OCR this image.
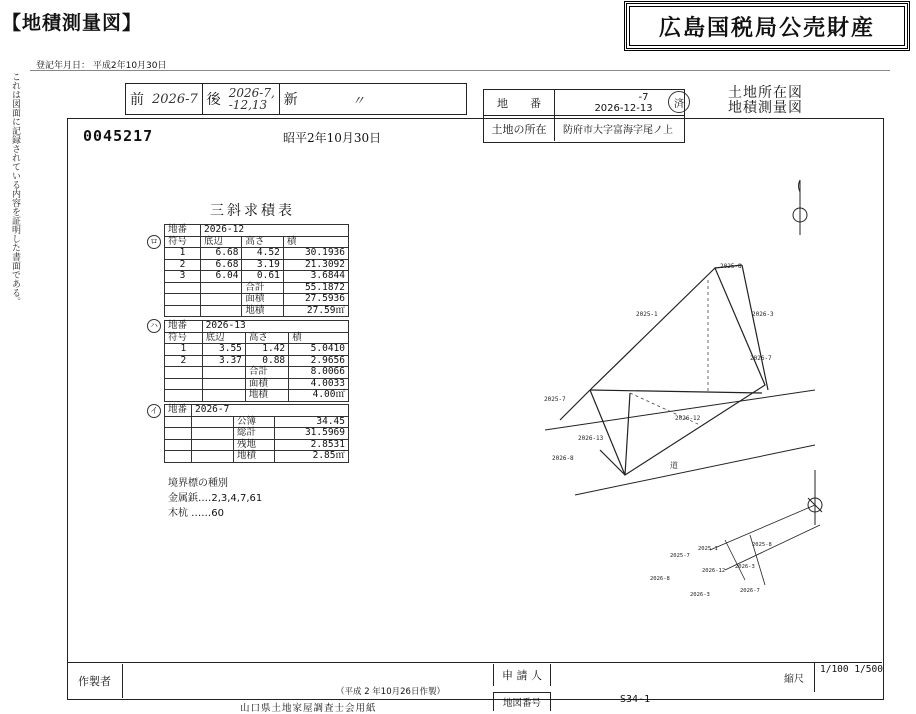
【地積測量図】	広島国税局公売財産
登記年月日： 平成2年10月30日
これは図面に記録されている内容を証明した書面である。	前 2026-7 後 2026-7,
-12,13	新	〃	地　　番	-7
2026-12-13
土地の所在	防府市大字富海字尾ノ上
済
土地所在図
地積測量図
0045217	昭平2年10月30日
三斜求積表
ロ
地番	2026-12		
符号	底辺	高さ	積
1	6.68	4.52	30.1936
2	6.68	3.19	21.3092
3	6.04	0.61	3.6844
		合計	55.1872
		面積	27.5936
		地積	27.59㎡
ハ	地番	2026-13		
符号	底辺	高さ	積
1	3.55	1.42	5.0410
2	3.37	0.88	2.9656
		合計	8.0066
		面積	4.0033
		地積	4.00㎡
イ	地番	2026-7		
		公簿	34.45
		総計	31.5969
		残地	2.8531
		地積	2.85㎡
境界標の種別
金属鋲‥‥2,3,4,7,61
木杭 ‥‥‥60
2025-8
2025-1	2026-3
2026-7
2025-7
2026-12
2026-13
2026-8
道
2025-7
2025-1
2025-8
2026-12
2026-3
2026-8
2026-3
2026-7
作製者
（平成 2 年10月26日作製）
山口県土地家屋調査士会用紙
申 請 人
地図番号	S34-1
縮尺
1/100 1/500
